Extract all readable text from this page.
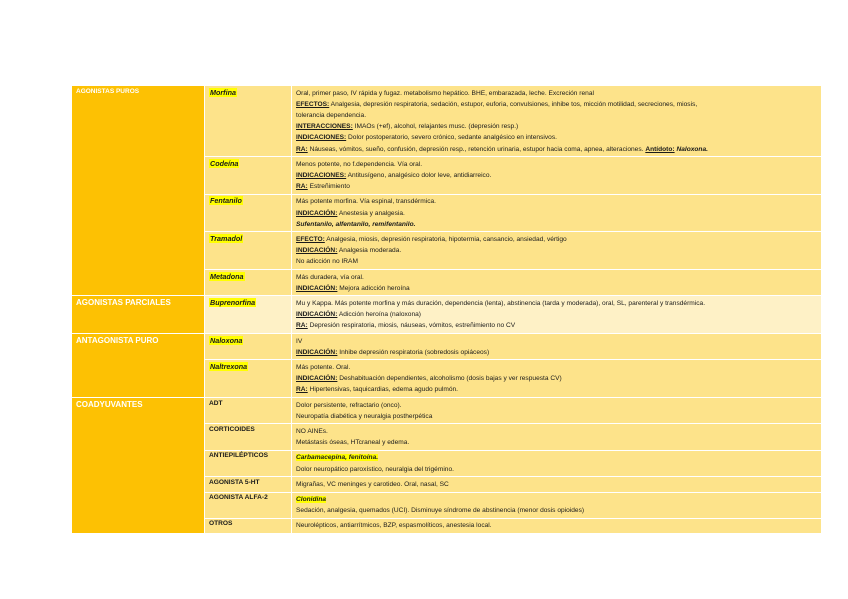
AGONISTAS PUROS	Morfina	Oral, primer paso, IV rápida y fugaz. metabolismo hepático. BHE, embarazada, leche. Excreción renal
EFECTOS: Analgesia, depresión respiratoria, sedación, estupor, euforia, convulsiones, inhibe tos, micción motilidad, secreciones, miosis,
tolerancia dependencia.
INTERACCIONES: IMAOs (+ef), alcohol, relajantes musc. (depresión resp.)
INDICACIONES: Dolor postoperatorio, severo crónico, sedante analgésico en intensivos.
RA: Náuseas, vómitos, sueño, confusión, depresión resp., retención urinaria, estupor hacia coma, apnea, alteraciones. Antídoto: Naloxona.
Codeína	Menos potente, no f.dependencia. Vía oral.
INDICACIONES: Antitusígeno, analgésico dolor leve, antidiarreico.
RA: Estreñimiento
Fentanilo	Más potente morfina. Vía espinal, transdérmica.
INDICACIÓN: Anestesia y analgesia.
Sufentanilo, alfentanilo, remifentanilo.
Tramadol	EFECTO: Analgesia, miosis, depresión respiratoria, hipotermia, cansancio, ansiedad, vértigo
INDICACIÓN: Analgesia moderada.
No adicción no IRAM
Metadona	Más duradera, vía oral.
INDICACIÓN: Mejora adicción heroína
AGONISTAS PARCIALES	Buprenorfina	Mu y Kappa. Más potente morfina y más duración, dependencia (lenta), abstinencia (tarda y moderada), oral, SL, parenteral y transdérmica.
INDICACIÓN: Adicción heroína (naloxona)
RA: Depresión respiratoria, miosis, náuseas, vómitos, estreñimiento no CV
ANTAGONISTA PURO	Naloxona	IV
INDICACIÓN: Inhibe depresión respiratoria (sobredosis opiáceos)
Naltrexona	Más potente. Oral.
INDICACIÓN: Deshabituación dependientes, alcoholismo (dosis bajas y ver respuesta CV)
RA: Hipertensivas, taquicardias, edema agudo pulmón.
COADYUVANTES	ADT	Dolor persistente, refractario (onco).
Neuropatía diabética y neuralgia postherpética
CORTICOIDES	NO AINEs.
Metástasis óseas, HTcraneal y edema.
ANTIEPILÉPTICOS	Carbamacepina, fenitoína.
Dolor neuropático paroxístico, neuralgia del trigémino.
AGONISTA 5-HT	Migrañas, VC meninges y carotideo. Oral, nasal, SC
AGONISTA ALFA-2	Clonidina
Sedación, analgesia, quemados (UCI). Disminuye síndrome de abstinencia (menor dosis opioides)
OTROS	Neurolépticos, antiarrítmicos, BZP, espasmolíticos, anestesia local.
